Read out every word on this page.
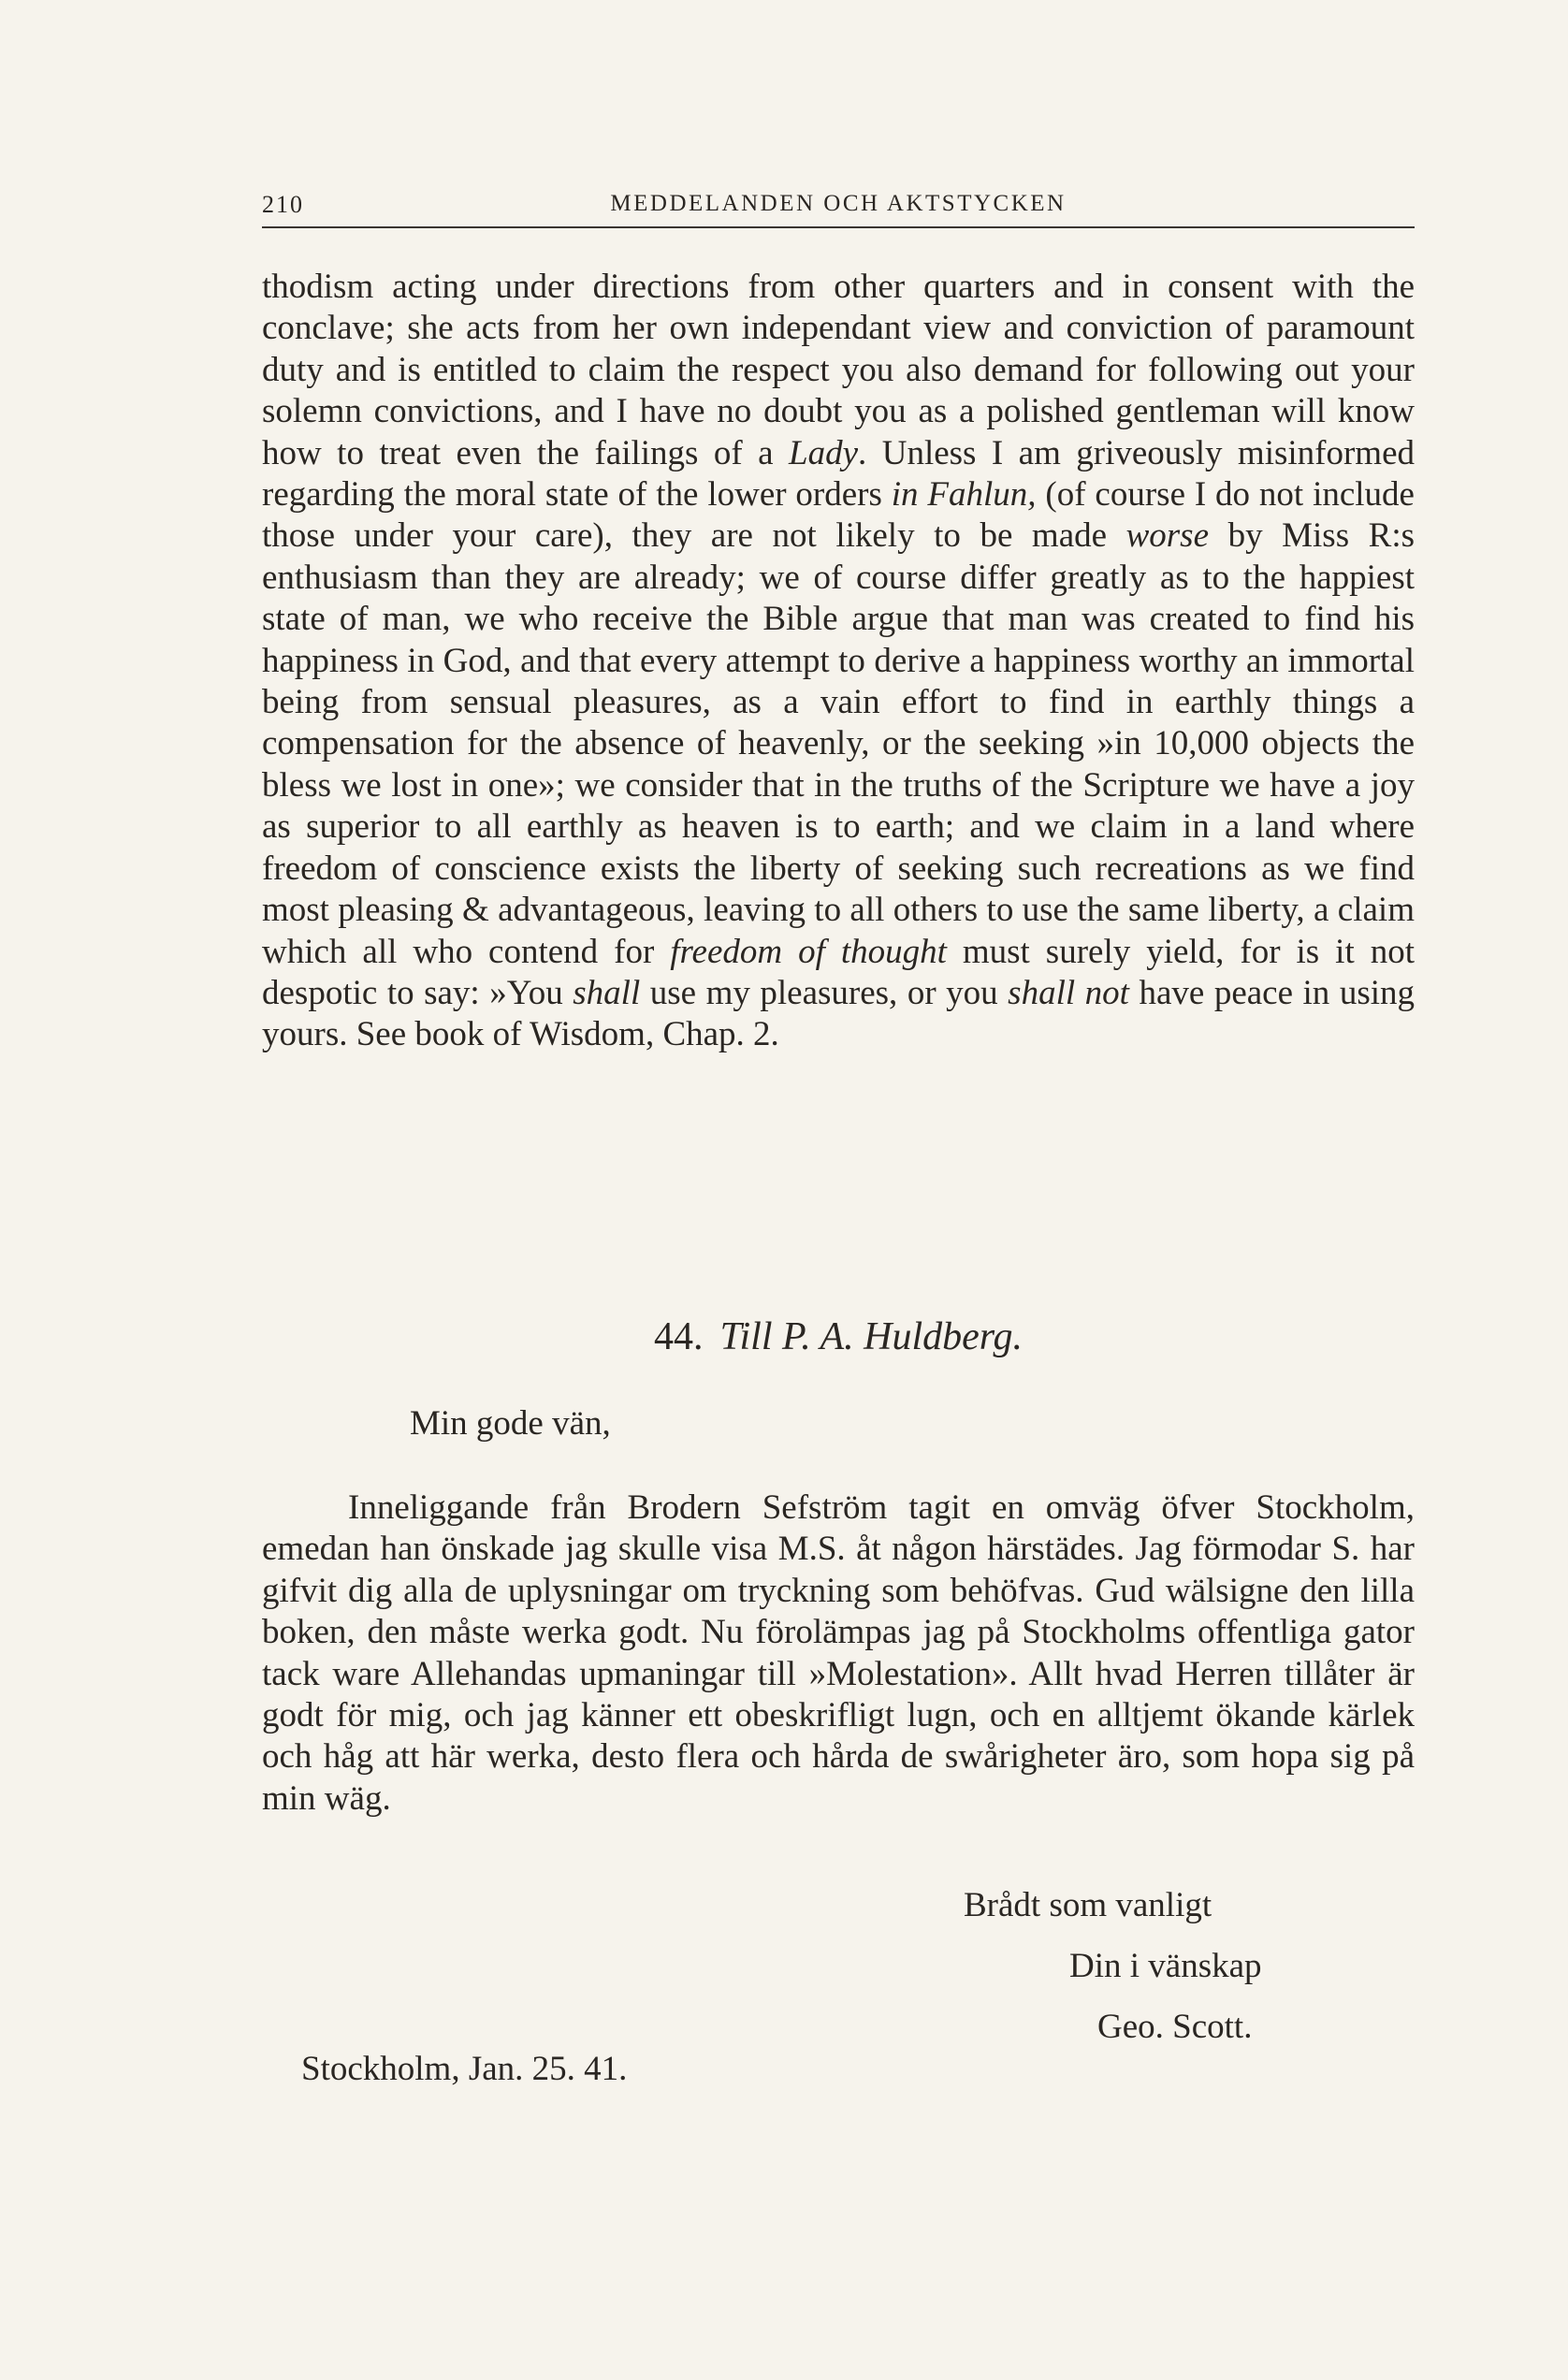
210	MEDDELANDEN OCH AKTSTYCKEN

thodism acting under directions from other quarters and in consent with the conclave; she acts from her own independant view and conviction of paramount duty and is entitled to claim the respect you also demand for following out your solemn convictions, and I have no doubt you as a polished gentleman will know how to treat even the failings of a Lady. Unless I am griveously misinformed regarding the moral state of the lower orders in Fahlun, (of course I do not include those under your care), they are not likely to be made worse by Miss R:s enthusiasm than they are already; we of course differ greatly as to the happiest state of man, we who receive the Bible argue that man was created to find his happiness in God, and that every attempt to derive a happiness worthy an immortal being from sensual pleasures, as a vain effort to find in earthly things a compensation for the absence of heavenly, or the seeking »in 10,000 objects the bless we lost in one»; we consider that in the truths of the Scripture we have a joy as superior to all earthly as heaven is to earth; and we claim in a land where freedom of conscience exists the liberty of seeking such recreations as we find most pleasing & advantageous, leaving to all others to use the same liberty, a claim which all who contend for freedom of thought must surely yield, for is it not despotic to say: »You shall use my pleasures, or you shall not have peace in using yours. See book of Wisdom, Chap. 2.

44. Till P. A. Huldberg.
Min gode vän,

Inneliggande från Brodern Sefström tagit en omväg öfver Stockholm, emedan han önskade jag skulle visa M.S. åt någon härstädes. Jag förmodar S. har gifvit dig alla de uplysningar om tryckning som behöfvas. Gud wälsigne den lilla boken, den måste werka godt. Nu förolämpas jag på Stockholms offentliga gator tack ware Allehandas upmaningar till »Molestation». Allt hvad Herren tillåter är godt för mig, och jag känner ett obeskrifligt lugn, och en alltjemt ökande kärlek och håg att här werka, desto flera och hårda de swårigheter äro, som hopa sig på min wäg.

Brådt som vanligt
Din i vänskap
Geo. Scott.
Stockholm, Jan. 25. 41.
